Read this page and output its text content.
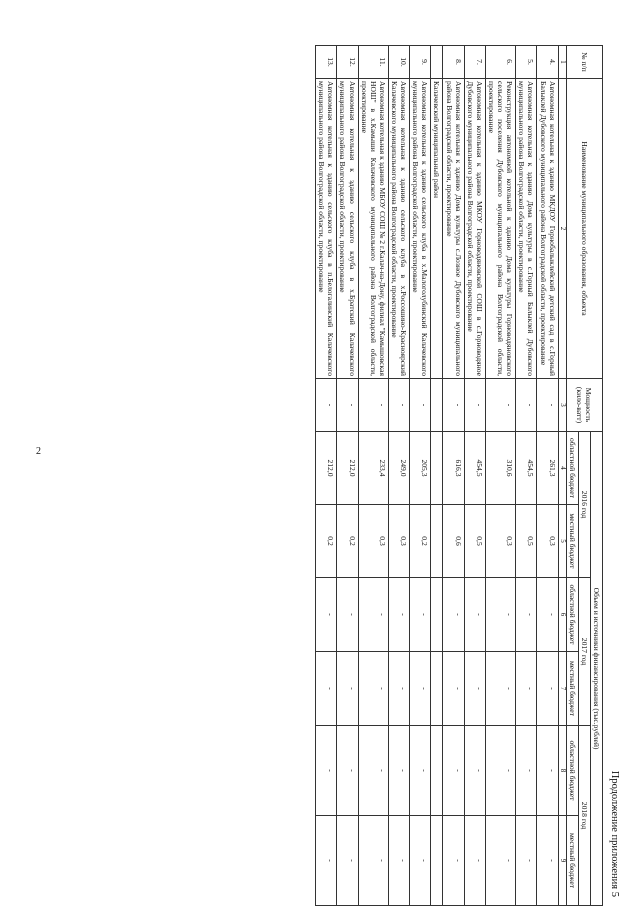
2
Продолжение приложения 5
№ п/п	Наименование муниципального образования, объекта	Мощность (кило-ватт)	Объем и источники финансирования (тыс.рублей)					
			2016 год		2017 год		2018 год	
			областной бюджет	местный бюджет	областной бюджет	местный бюджет	областной бюджет	местный бюджет
1	2	3	4	5	6	7	8	9
4.	Автономная котельная к зданию МКДОУ Горнобалыклейский детский сад в с.Горный Балыклей Дубовского муниципального района Волгоградской области, проектирование	-	261,3	0,3	-	-	-	-
5.	Автономная котельная к зданию Дома культуры в с.Горный Балыклей Дубовского муниципального района Волгоградской области, проектирование	-	454,5	0,5	-	-	-	-
6.	Реконструкция автономной котельной к зданию Дома культуры Горноводяновского сельского поселения Дубовского муниципального района Волгоградской области, проектирование	-	310,6	0,3	-	-	-	-
7.	Автономная котельная к зданию МКОУ Горноводяновской СОШ в с.Горноводяное Дубовского муниципального района Волгоградской области, проектирование	-	454,5	0,5	-	-	-	-
8.	Автономная котельная к зданию Дома культуры с.Лозное Дубовского муниципального района Волгоградской области, проектирование	-	616,3	0,6	-	-	-	-
	Калачевский муниципальный район							
9.	Автономная котельная к зданию сельского клуба в х.Малоголубинский Калачевского муниципального района Волгоградской области, проектирование	-	205,3	0,2	-	-	-	-
10.	Автономная котельная к зданию сельского клуба в х.Россошино-Красноярский Калачевского муниципального района Волгоградской области, проектирование	-	249,0	0,3	-	-	-	-
11.	Автономная котельная к зданию МБОУ СОШ № 2 г.Калач-на-Дону, филиал "Камышовская НОШ" в х.Камыши Калачевского муниципального района Волгоградской области, проектирование	-	233,4	0,3	-	-	-	-
12.	Автономная котельная к зданию сельского клуба в х.Братский Калачевского муниципального района Волгоградской области, проектирование	-	212,0	0,2	-	-	-	-
13.	Автономная котельная к зданию сельского клуба в п.Белогалинский Калачевского муниципального района Волгоградской области, проектирование	-	212,0	0,2	-	-	-	-
